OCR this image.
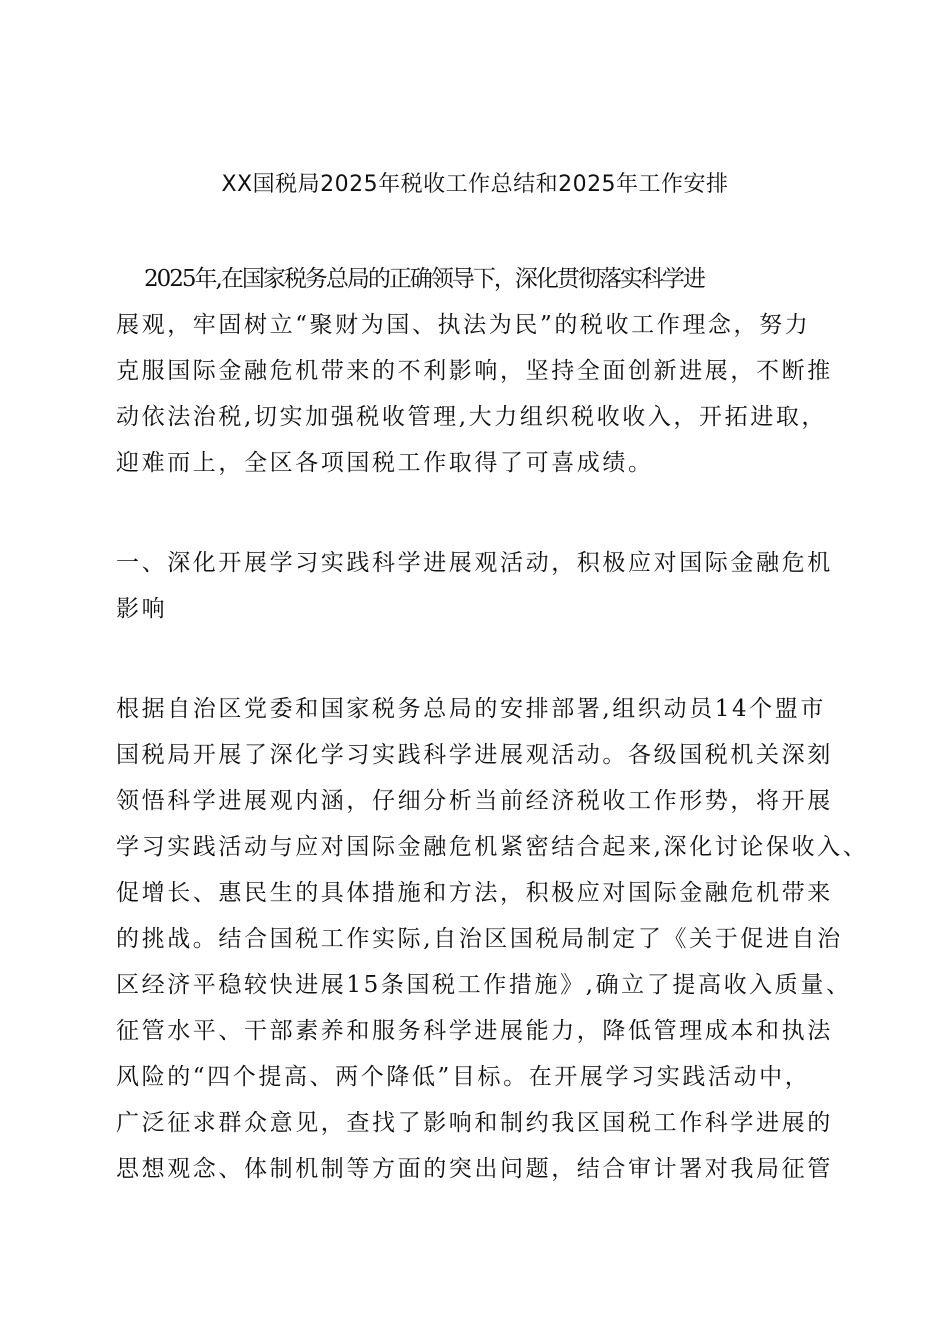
XX国税局2025年税收工作总结和2025年工作安排

2025年,在国家税务总局的正确领导下，深化贯彻落实科学进

展观，牢固树立“聚财为国、执法为民”的税收工作理念，努力

克服国际金融危机带来的不利影响，坚持全面创新进展，不断推

动依法治税,切实加强税收管理,大力组织税收收入，开拓进取，

迎难而上，全区各项国税工作取得了可喜成绩。

一、深化开展学习实践科学进展观活动，积极应对国际金融危机

影响

根据自治区党委和国家税务总局的安排部署,组织动员14个盟市

国税局开展了深化学习实践科学进展观活动。各级国税机关深刻

领悟科学进展观内涵，仔细分析当前经济税收工作形势，将开展

学习实践活动与应对国际金融危机紧密结合起来,深化讨论保收入、

促增长、惠民生的具体措施和方法，积极应对国际金融危机带来

的挑战。结合国税工作实际,自治区国税局制定了《关于促进自治

区经济平稳较快进展15条国税工作措施》,确立了提高收入质量、

征管水平、干部素养和服务科学进展能力，降低管理成本和执法

风险的“四个提高、两个降低”目标。在开展学习实践活动中，

广泛征求群众意见，查找了影响和制约我区国税工作科学进展的

思想观念、体制机制等方面的突出问题，结合审计署对我局征管
